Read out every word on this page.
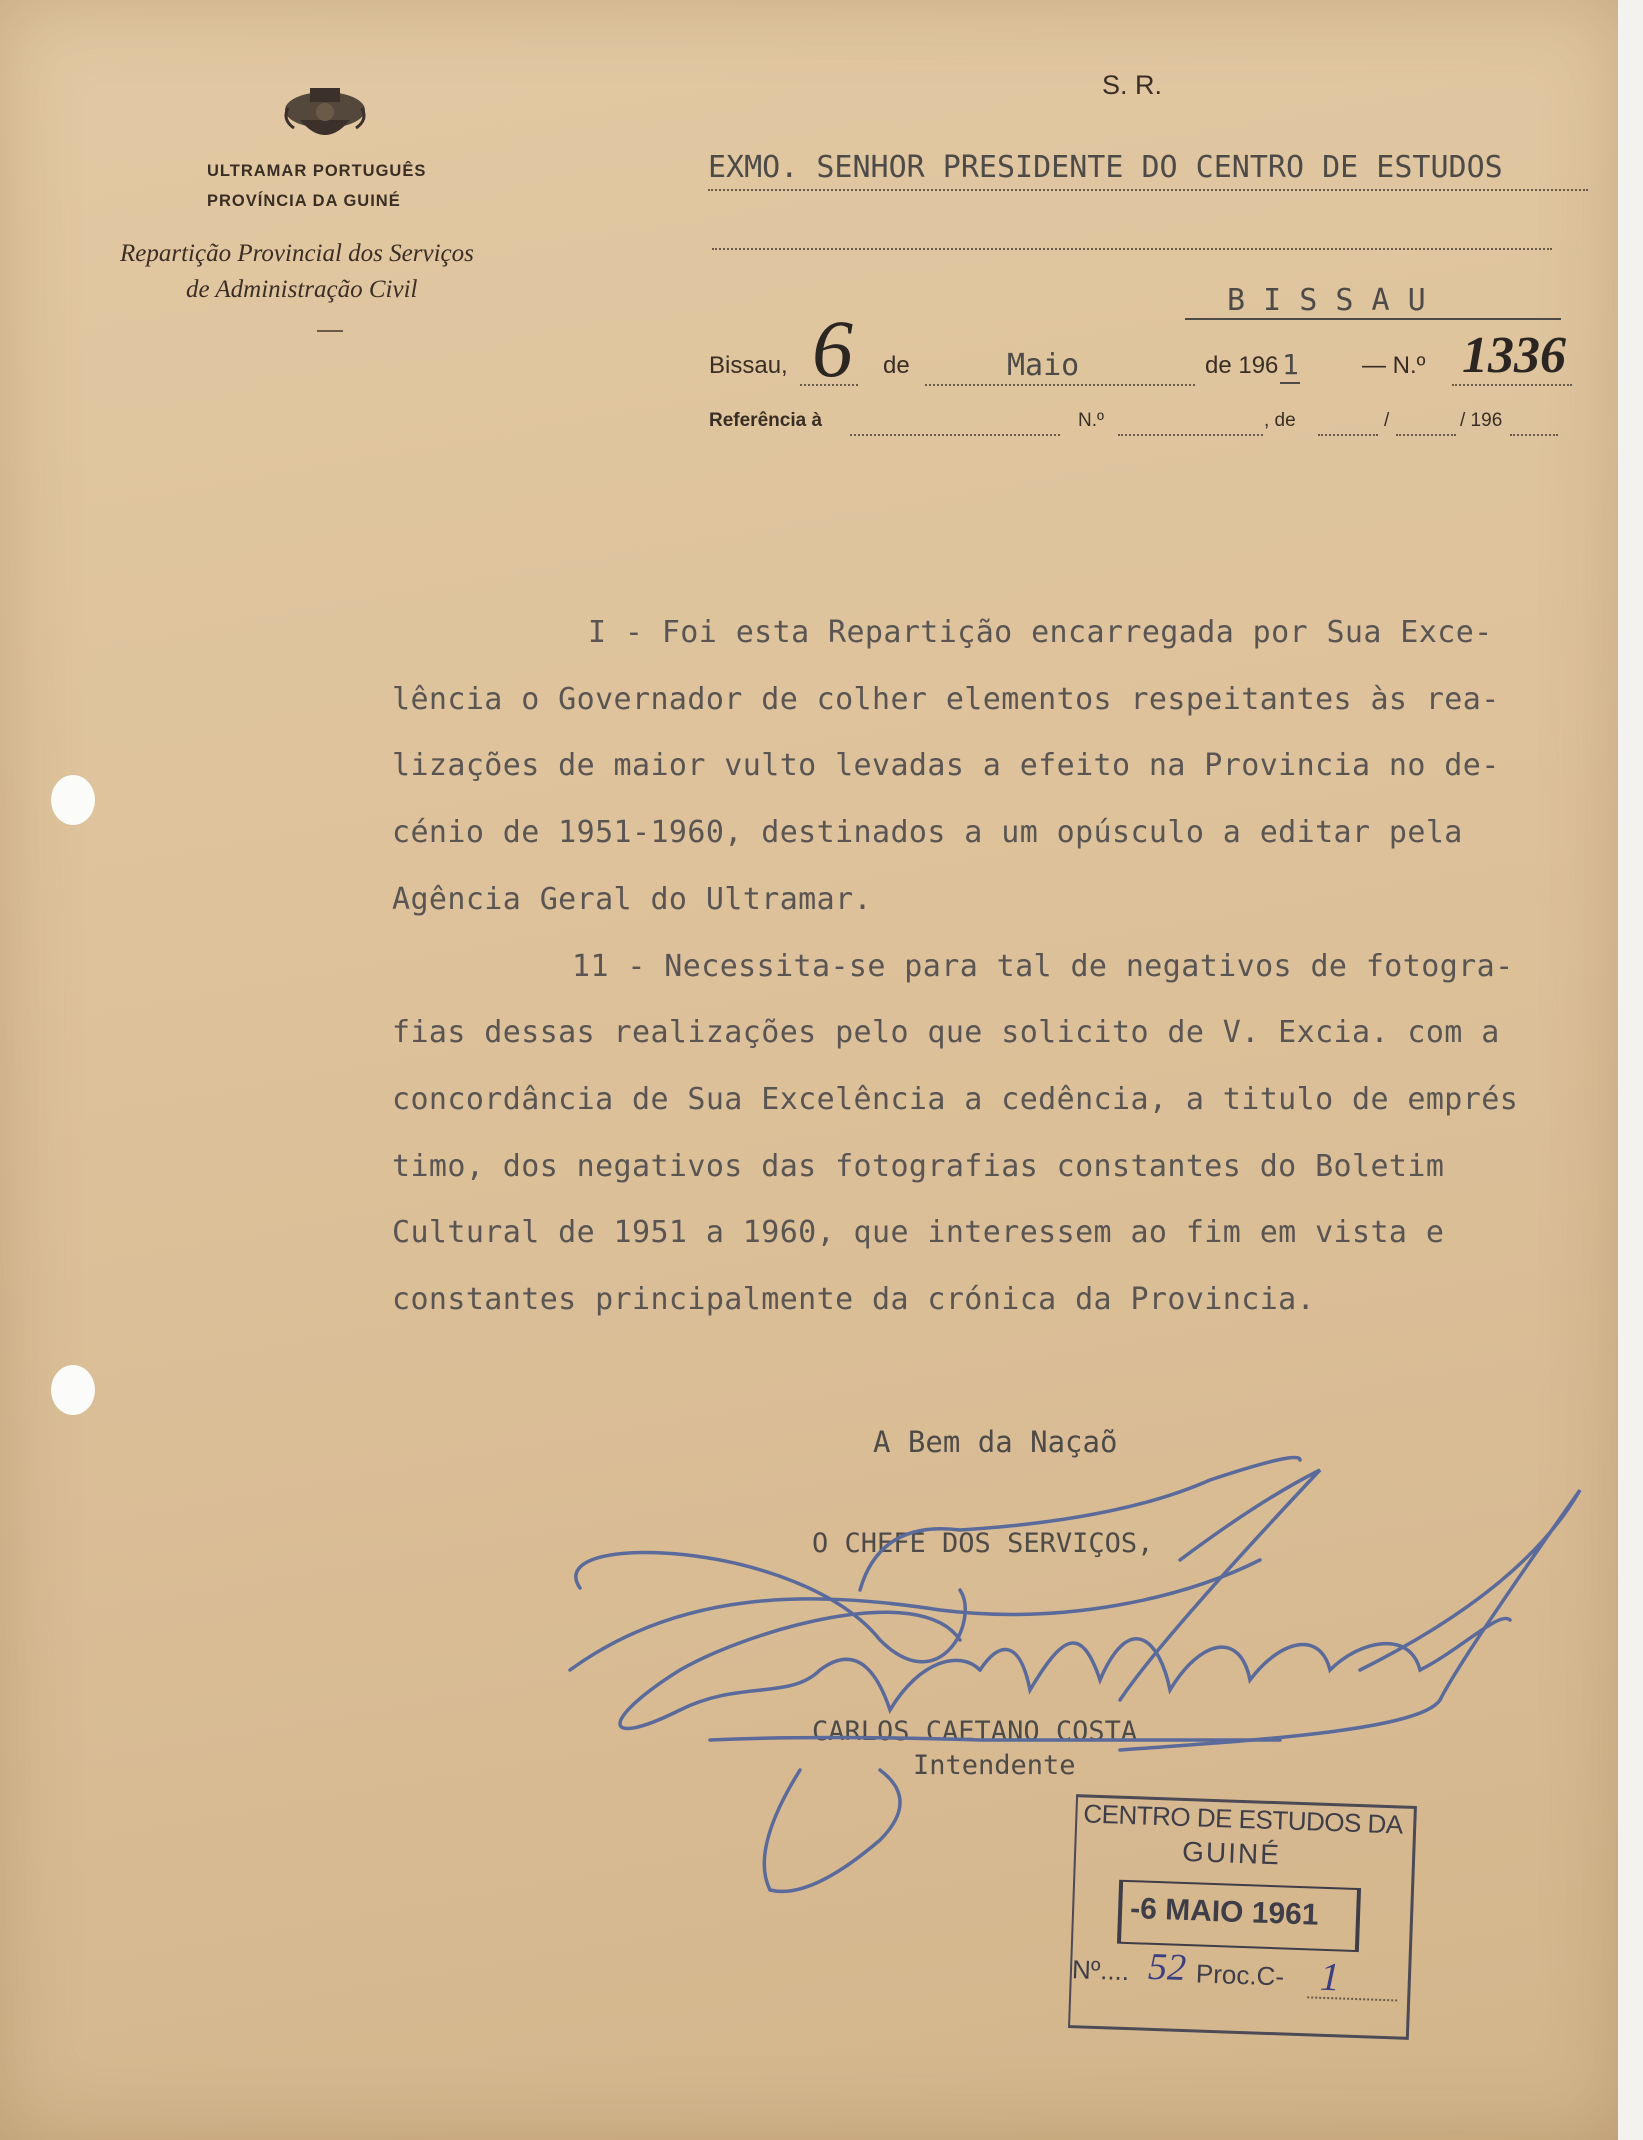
ULTRAMAR PORTUGUÊS
PROVÍNCIA DA GUINÉ
Repartição Provincial dos Serviços
de Administração Civil
S. R.
EXMO. SENHOR PRESIDENTE DO CENTRO DE ESTUDOS
B I S S A U
Bissau, 6 de	Maio	de 196 1	— N.º 1336
Referência à	N.º	, de	/	/ 196
I - Foi esta Repartição encarregada por Sua Exce-
lência o Governador de colher elementos respeitantes às rea-
lizações de maior vulto levadas a efeito na Provincia no de-
cénio de 1951-1960, destinados a um opúsculo a editar pela
Agência Geral do Ultramar.
11 - Necessita-se para tal de negativos de fotogra-
fias dessas realizações pelo que solicito de V. Excia. com a
concordância de Sua Excelência a cedência, a titulo de emprés
timo, dos negativos das fotografias constantes do Boletim
Cultural de 1951 a 1960, que interessem ao fim em vista e
constantes principalmente da crónica da Provincia.
A Bem da Naçaõ
O CHEFE DOS SERVIÇOS,
CARLOS CAETANO COSTA
Intendente
CENTRO DE ESTUDOS DA
GUINÉ
-6 MAIO 1961
Nº.... 52 Proc.C- 1
